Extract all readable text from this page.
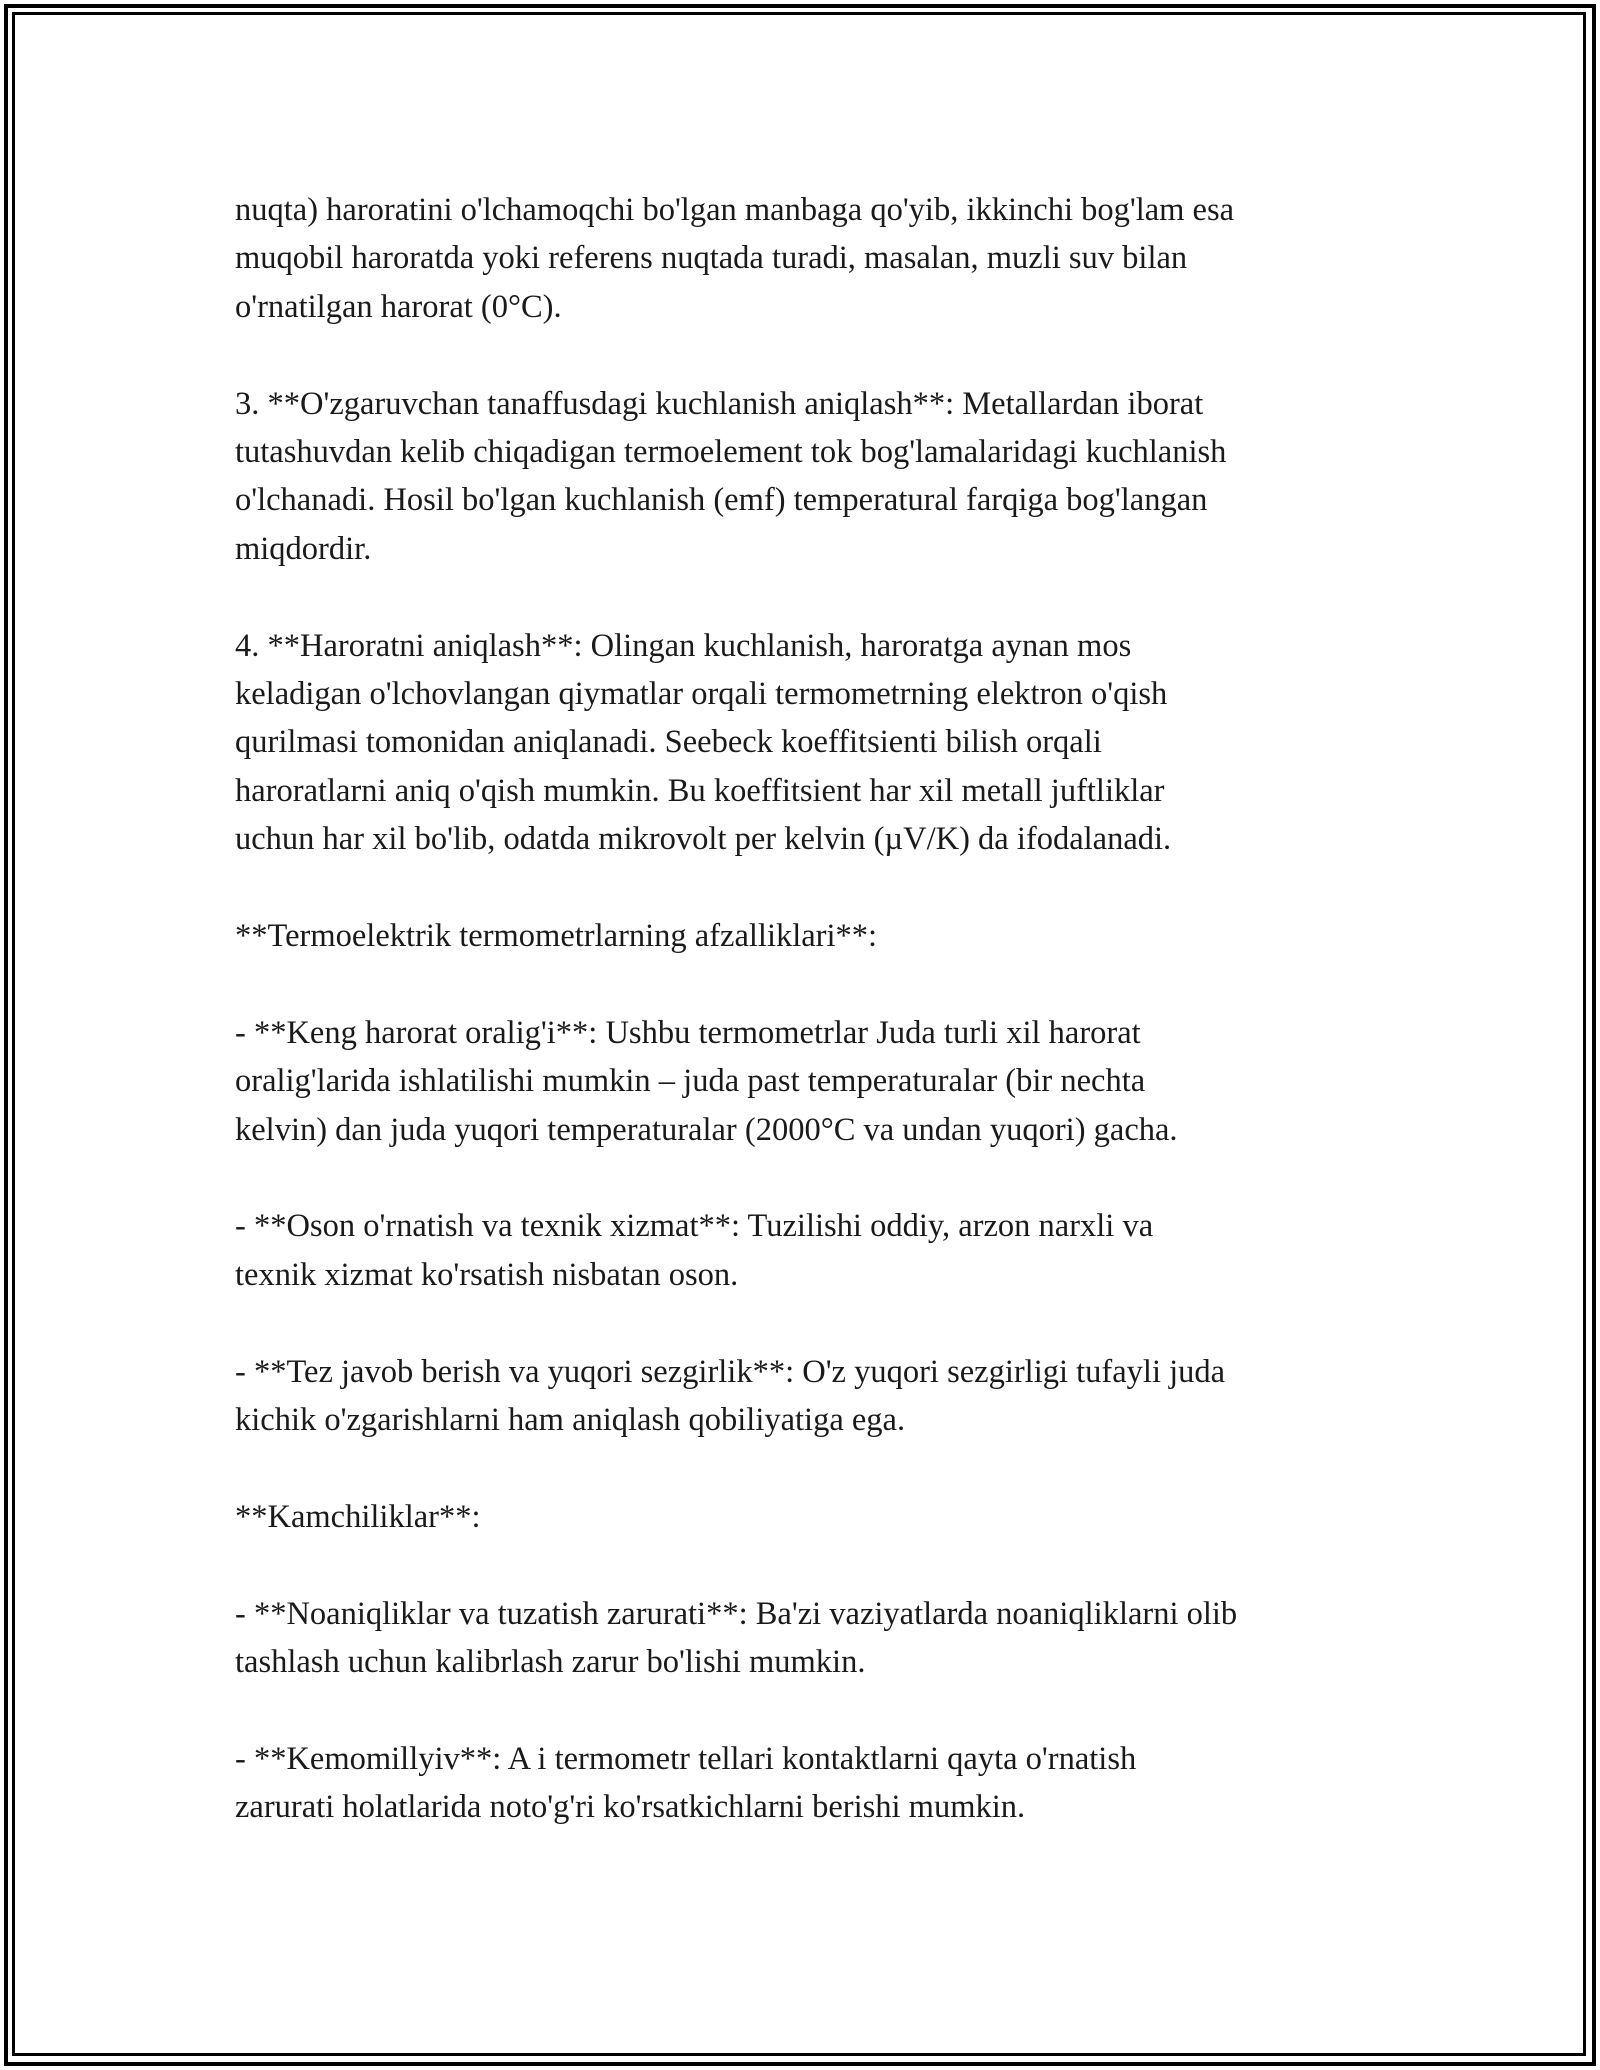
nuqta) haroratini o'lchamoqchi bo'lgan manbaga qo'yib, ikkinchi bog'lam esa
muqobil haroratda yoki referens nuqtada turadi, masalan, muzli suv bilan
o'rnatilgan harorat (0°C).

3. **O'zgaruvchan tanaffusdagi kuchlanish aniqlash**: Metallardan iborat
tutashuvdan kelib chiqadigan termoelement tok bog'lamalaridagi kuchlanish
o'lchanadi. Hosil bo'lgan kuchlanish (emf) temperatural farqiga bog'langan
miqdordir.

4. **Haroratni aniqlash**: Olingan kuchlanish, haroratga aynan mos
keladigan o'lchovlangan qiymatlar orqali termometrning elektron o'qish
qurilmasi tomonidan aniqlanadi. Seebeck koeffitsienti bilish orqali
haroratlarni aniq o'qish mumkin. Bu koeffitsient har xil metall juftliklar
uchun har xil bo'lib, odatda mikrovolt per kelvin (µV/K) da ifodalanadi.

**Termoelektrik termometrlarning afzalliklari**:

- **Keng harorat oralig'i**: Ushbu termometrlar Juda turli xil harorat
oralig'larida ishlatilishi mumkin – juda past temperaturalar (bir nechta
kelvin) dan juda yuqori temperaturalar (2000°C va undan yuqori) gacha.

- **Oson o'rnatish va texnik xizmat**: Tuzilishi oddiy, arzon narxli va
texnik xizmat ko'rsatish nisbatan oson.

- **Tez javob berish va yuqori sezgirlik**: O'z yuqori sezgirligi tufayli juda
kichik o'zgarishlarni ham aniqlash qobiliyatiga ega.

**Kamchiliklar**:

- **Noaniqliklar va tuzatish zarurati**: Ba'zi vaziyatlarda noaniqliklarni olib
tashlash uchun kalibrlash zarur bo'lishi mumkin.

- **Kemomillyiv**: A i termometr tellari kontaktlarni qayta o'rnatish
zarurati holatlarida noto'g'ri ko'rsatkichlarni berishi mumkin.
